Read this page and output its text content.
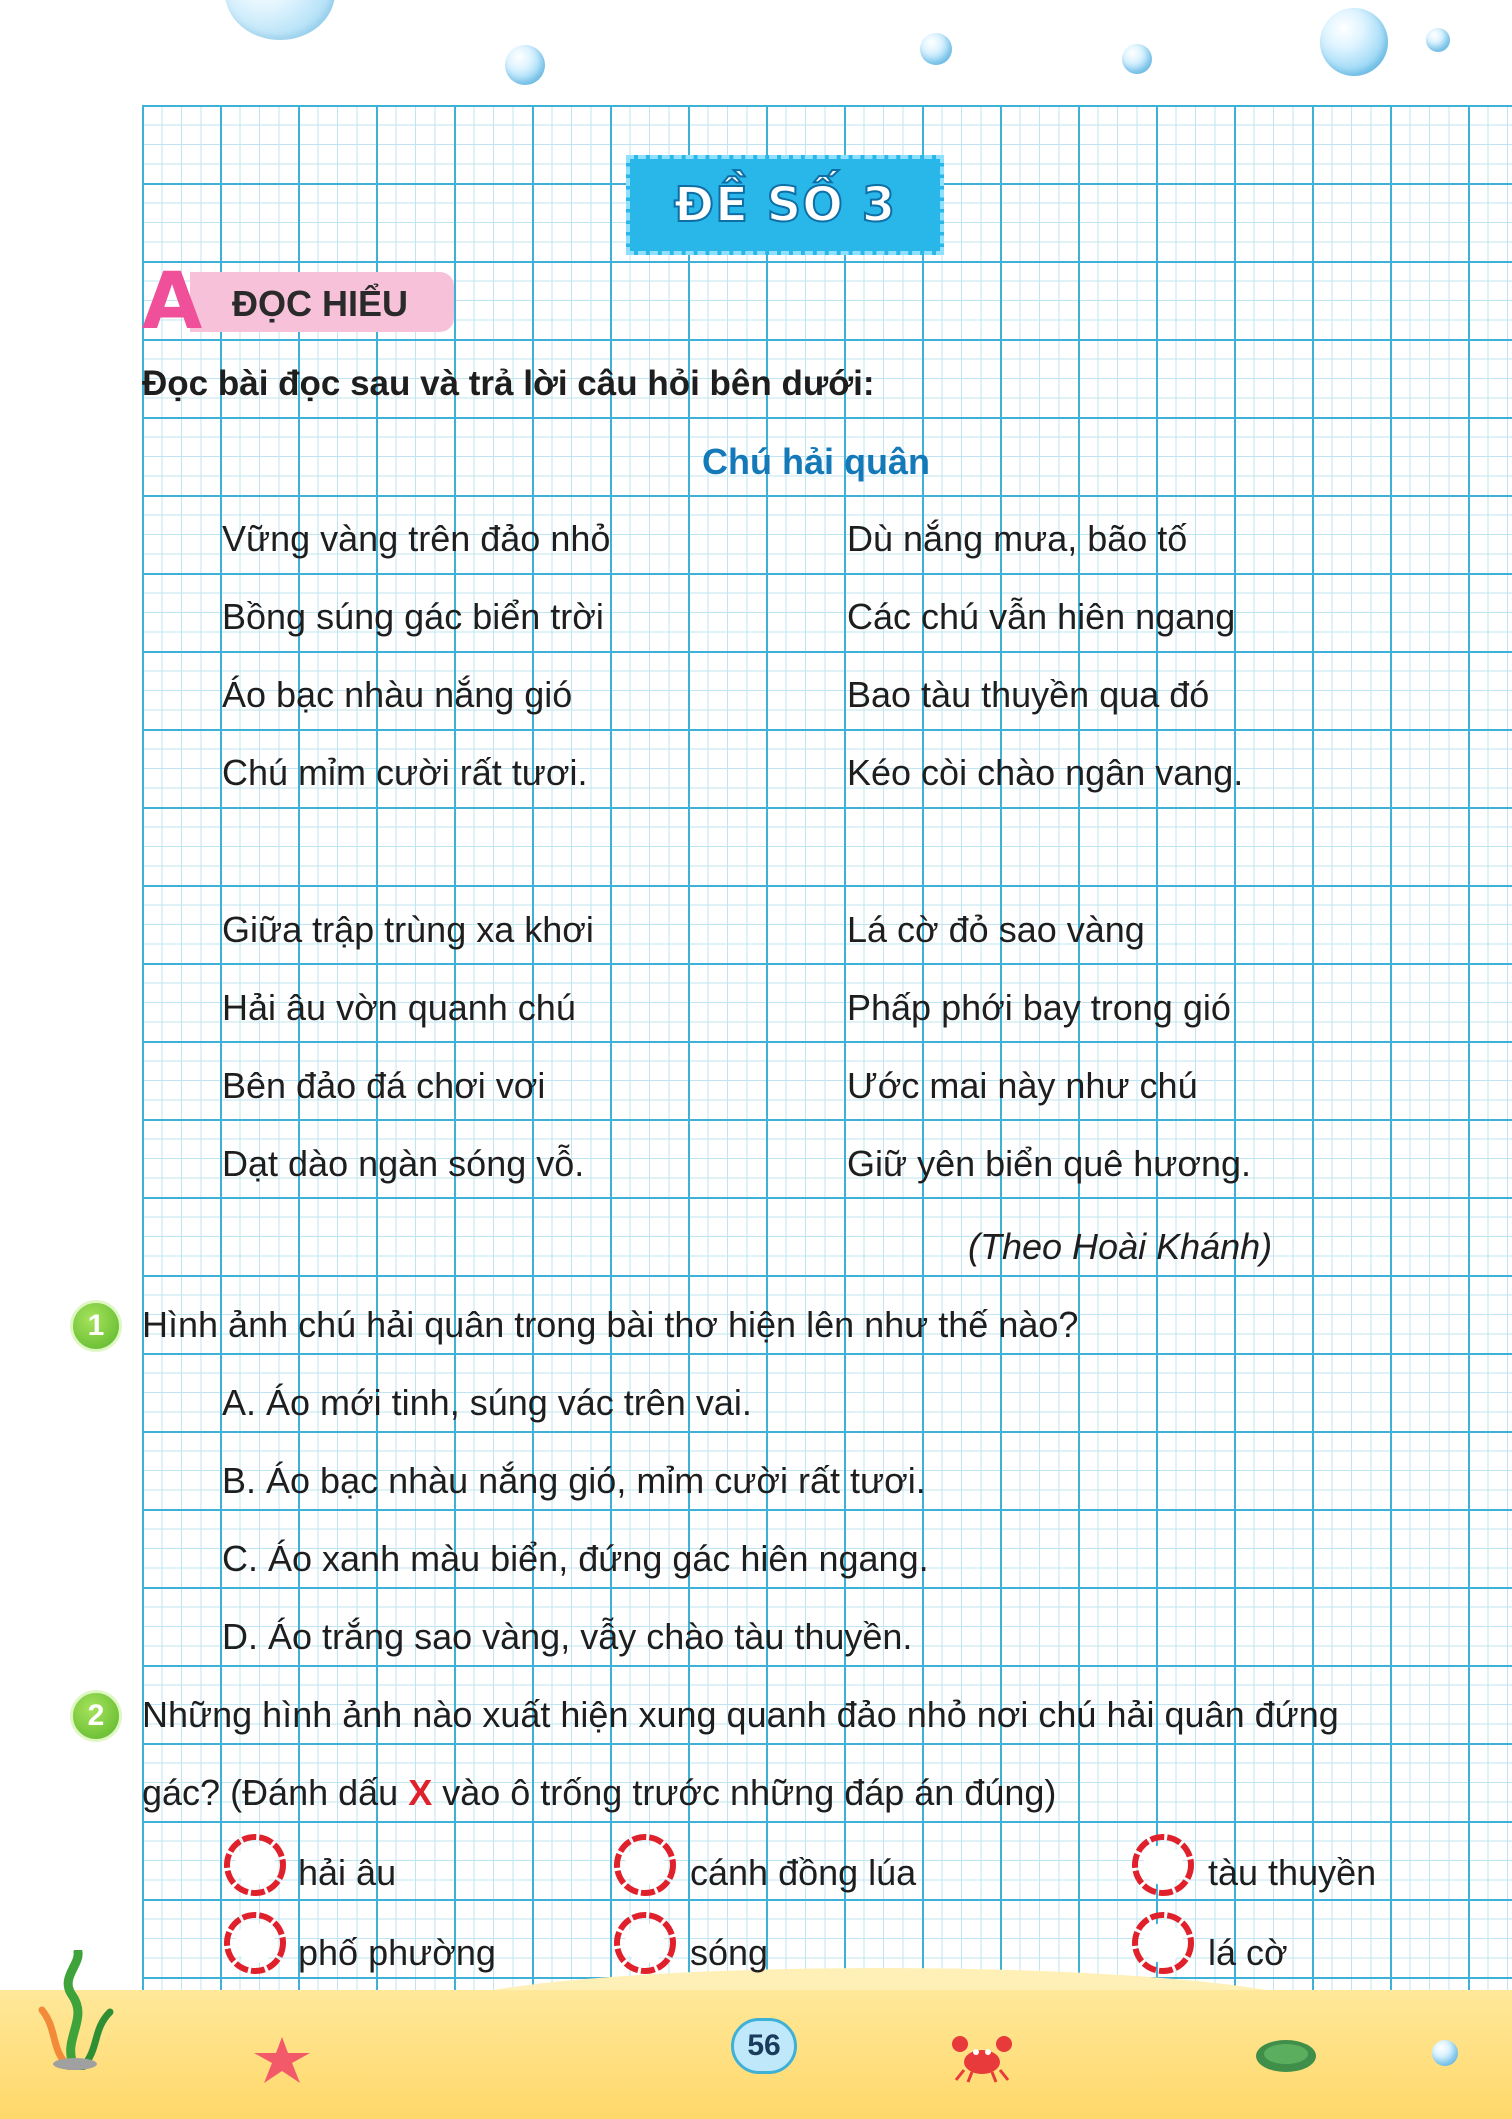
ĐỀ SỐ 3
A ĐỌC HIỂU
Đọc bài đọc sau và trả lời câu hỏi bên dưới:
Chú hải quân
Vững vàng trên đảo nhỏ
Bồng súng gác biển trời
Áo bạc nhàu nắng gió
Chú mỉm cười rất tươi.
Giữa trập trùng xa khơi
Hải âu vờn quanh chú
Bên đảo đá chơi vơi
Dạt dào ngàn sóng vỗ.
Dù nắng mưa, bão tố
Các chú vẫn hiên ngang
Bao tàu thuyền qua đó
Kéo còi chào ngân vang.
Lá cờ đỏ sao vàng
Phấp phới bay trong gió
Ước mai này như chú
Giữ yên biển quê hương.
(Theo Hoài Khánh)
1	Hình ảnh chú hải quân trong bài thơ hiện lên như thế nào?
A. Áo mới tinh, súng vác trên vai.
B. Áo bạc nhàu nắng gió, mỉm cười rất tươi.
C. Áo xanh màu biển, đứng gác hiên ngang.
D. Áo trắng sao vàng, vẫy chào tàu thuyền.
2	Những hình ảnh nào xuất hiện xung quanh đảo nhỏ nơi chú hải quân đứng
gác? (Đánh dấu X vào ô trống trước những đáp án đúng)
hải âu	cánh đồng lúa	tàu thuyền
phố phường	sóng	lá cờ
56
